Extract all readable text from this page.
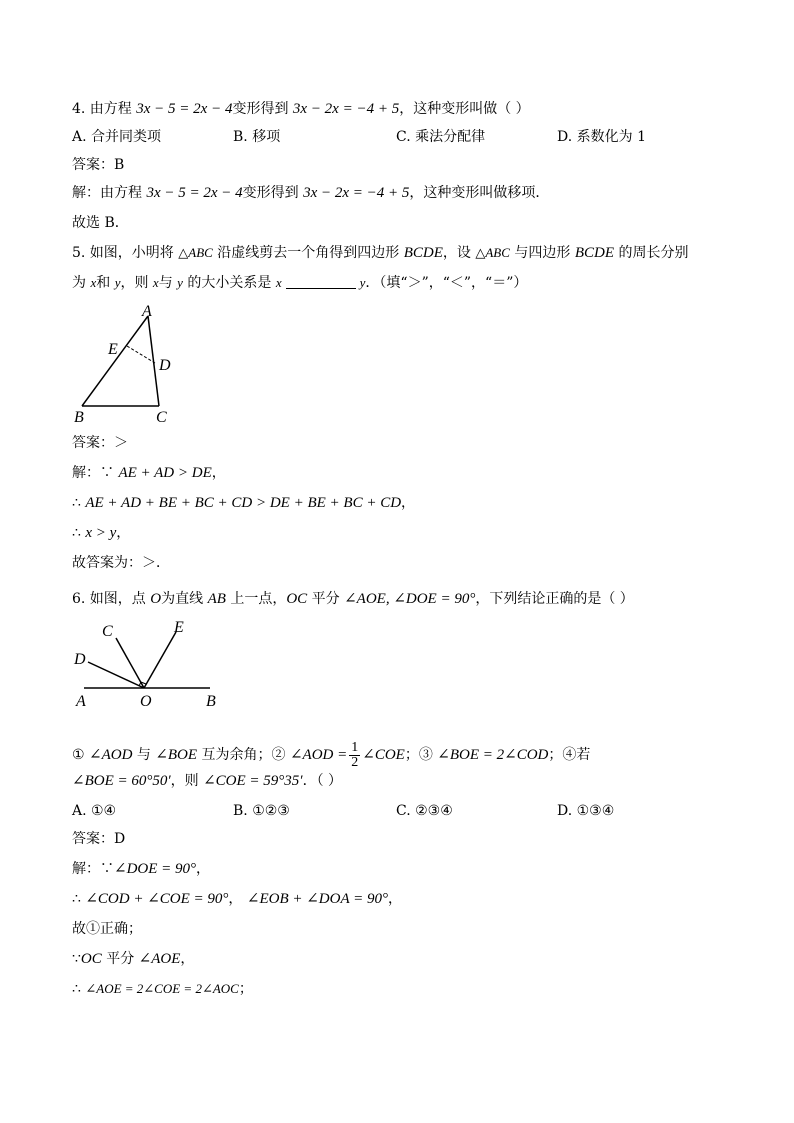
4. 由方程 3x − 5 = 2x − 4变形得到 3x − 2x = −4 + 5，这种变形叫做（ ）
A. 合并同类项	B. 移项	C. 乘法分配律	D. 系数化为 1
答案：B
解：由方程 3x − 5 = 2x − 4变形得到 3x − 2x = −4 + 5，这种变形叫做移项．
故选 B．
5. 如图，小明将 △ABC 沿虚线剪去一个角得到四边形 BCDE，设 △ABC 与四边形 BCDE 的周长分别
为 x和 y，则 x与 y 的大小关系是 x	y．（填“＞”，“＜”，“＝”）
A
E
D
B	C
答案：＞
解：∵ AE + AD > DE，
∴ AE + AD + BE + BC + CD > DE + BE + BC + CD，
∴ x > y，
故答案为：＞．
6. 如图，点 O为直线 AB 上一点，OC 平分 ∠AOE, ∠DOE = 90°，下列结论正确的是（ ）
C	E
D
A	O	B
① ∠AOD 与 ∠BOE 互为余角；② ∠AOD = $\frac{1}{2}$ ∠COE；③ ∠BOE = 2∠COD；④若
∠BOE = 60°50′，则 ∠COE = 59°35′．（ ）
A. ①④	B. ①②③	C. ②③④	D. ①③④
答案：D
解：∵∠DOE = 90°，
∴ ∠COD + ∠COE = 90°， ∠EOB + ∠DOA = 90°，
故①正确；
∵OC 平分 ∠AOE，
∴ ∠AOE = 2∠COE = 2∠AOC；
